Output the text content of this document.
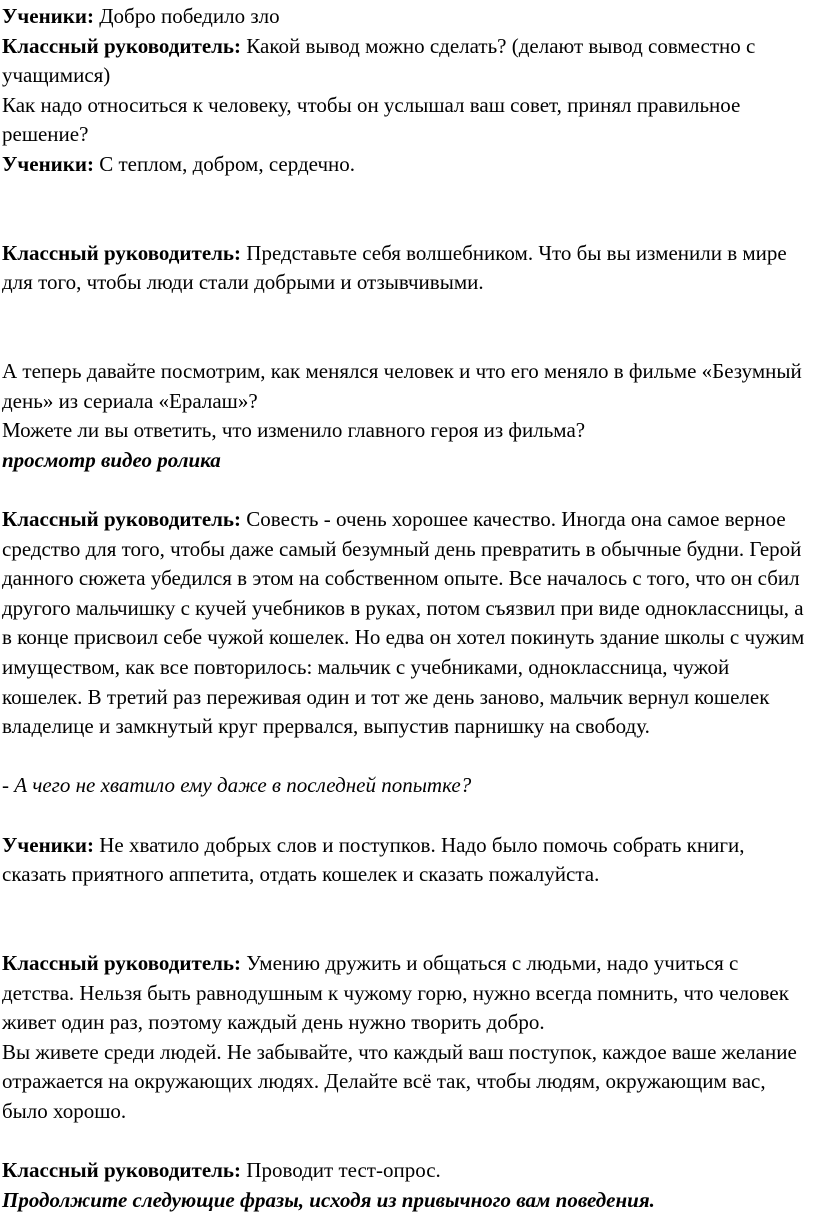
Ученики: Добро победило зло

Классный руководитель: Какой вывод можно сделать? (делают вывод совместно с учащимися)

Как надо относиться к человеку, чтобы он услышал ваш совет, принял правильное решение?

Ученики: С теплом, добром, сердечно.

Классный руководитель: Представьте себя волшебником. Что бы вы изменили в мире для того, чтобы люди стали добрыми и отзывчивыми.

А теперь давайте посмотрим, как менялся человек и что его меняло в фильме «Безумный день» из сериала «Ералаш»?

Можете ли вы ответить, что изменило главного героя из фильма?

просмотр видео ролика

Классный руководитель: Совесть - очень хорошее качество. Иногда она самое верное средство для того, чтобы даже самый безумный день превратить в обычные будни. Герой данного сюжета убедился в этом на собственном опыте. Все началось с того, что он сбил другого мальчишку с кучей учебников в руках, потом съязвил при виде одноклассницы, а в конце присвоил себе чужой кошелек. Но едва он хотел покинуть здание школы с чужим имуществом, как все повторилось: мальчик с учебниками, одноклассница, чужой кошелек. В третий раз переживая один и тот же день заново, мальчик вернул кошелек владелице и замкнутый круг прервался, выпустив парнишку на свободу.

- А чего не хватило ему даже в последней попытке?

Ученики: Не хватило добрых слов и поступков. Надо было помочь собрать книги, сказать приятного аппетита, отдать кошелек и сказать пожалуйста.

Классный руководитель: Умению дружить и общаться с людьми, надо учиться с детства. Нельзя быть равнодушным к чужому горю, нужно всегда помнить, что человек живет один раз, поэтому каждый день нужно творить добро.

Вы живете среди людей. Не забывайте, что каждый ваш поступок, каждое ваше желание отражается на окружающих людях. Делайте всё так, чтобы людям, окружающим вас, было хорошо.

Классный руководитель: Проводит тест-опрос.

Продолжите следующие фразы, исходя из привычного вам поведения.
